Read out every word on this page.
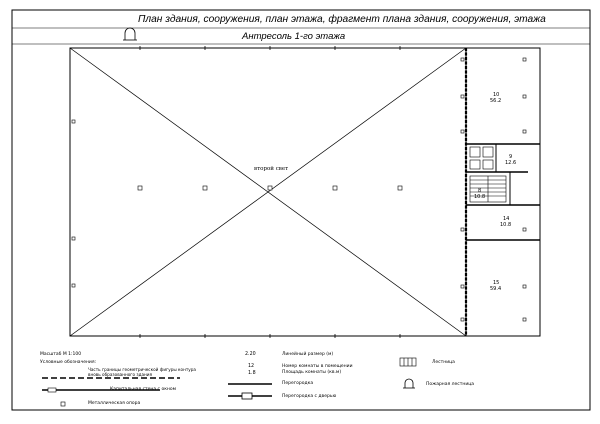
План здания, сооружения, план этажа, фрагмент плана здания, сооружения, этажа
Антресоль 1-го этажа
второй свет
10
56.2
9
12.6
8
10.8
14
10.8
15
59.4
Масштаб М 1:100
Условные обозначения:
Часть границы геометрической фигуры контура
вновь образованного здания
Капитальная стена с окном
Металлическая опора
2.20	Линейный размер (м)
12
1.8
Номер комнаты в помещении
Площадь комнаты (кв.м)
Перегородка
Перегородка с дверью
Лестница
Пожарная лестница
